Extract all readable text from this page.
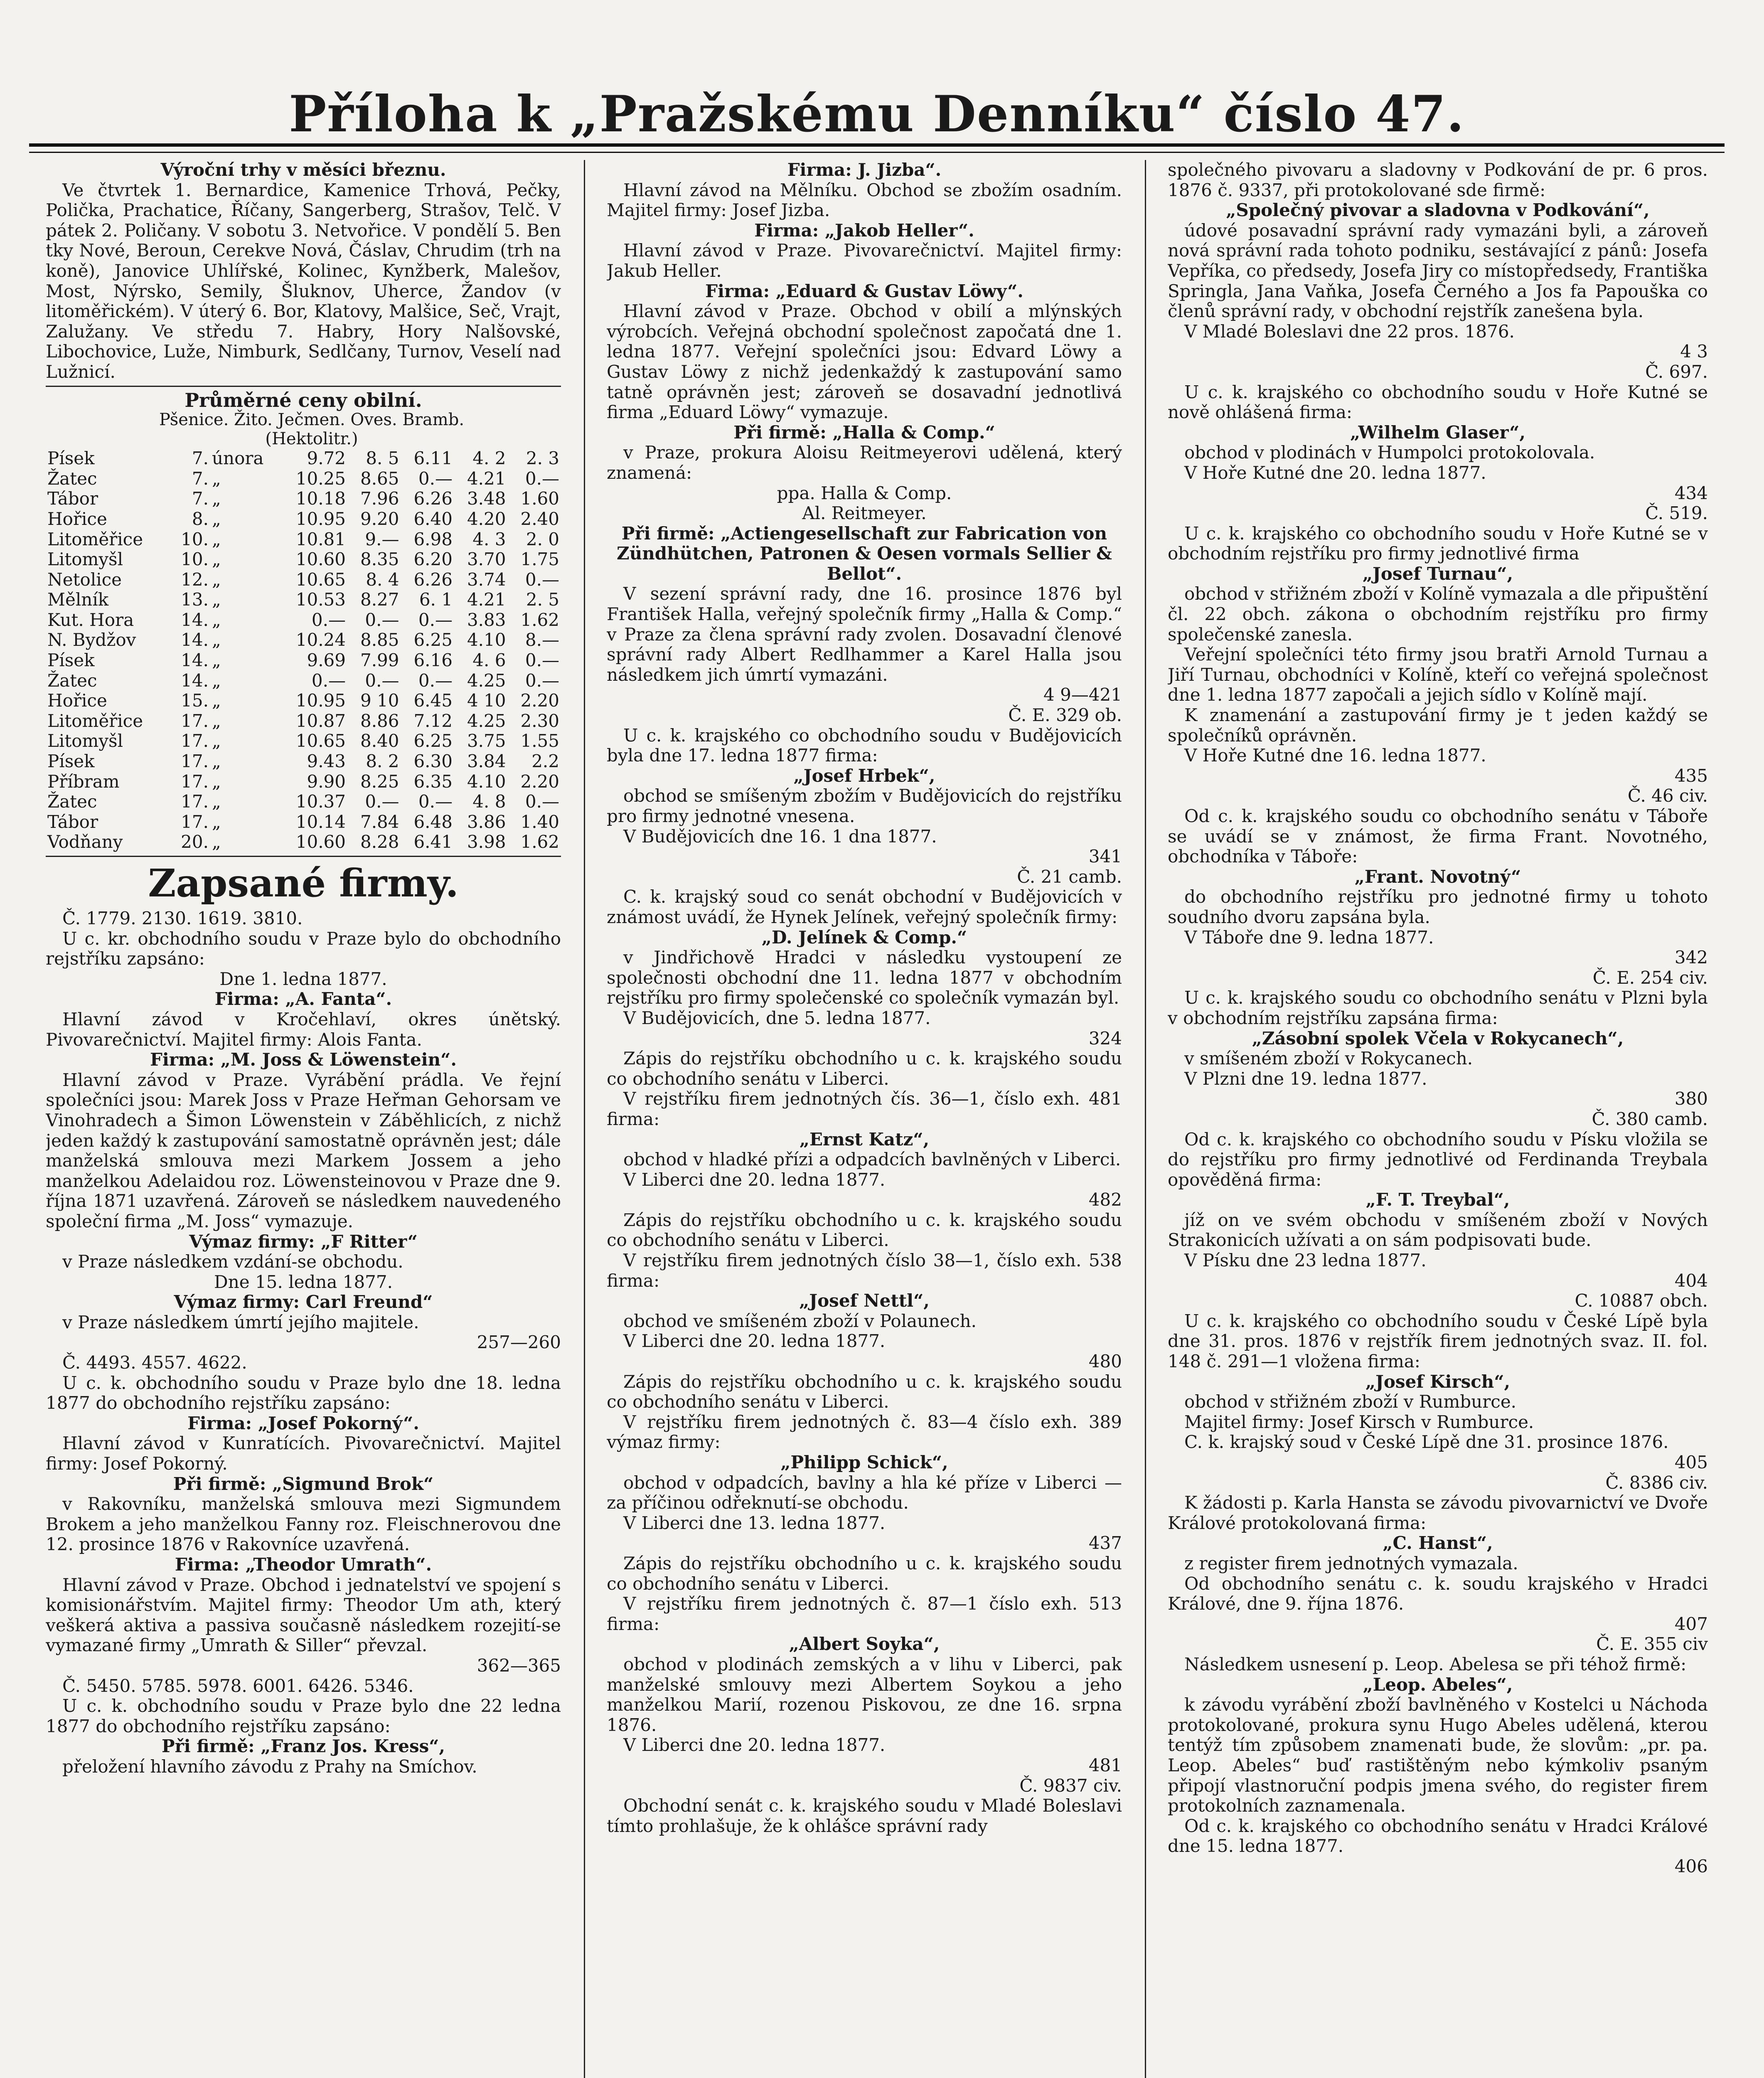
Příloha k „Pražskému Denníku“ číslo 47.

Výroční trhy v měsíci březnu.

Ve čtvrtek 1. Bernardice, Kamenice Trhová, Pečky, Polička, Prachatice, Říčany, Sangerberg, Strašov, Telč. V pátek 2. Poličany. V sobotu 3. Netvořice. V pondělí 5. Ben tky Nové, Beroun, Cerekve Nová, Čáslav, Chrudim (trh na koně), Janovice Uhlířské, Kolinec, Kynžberk, Malešov, Most, Nýrsko, Semily, Šluknov, Uherce, Žandov (v litoměřickém). V úterý 6. Bor, Klatovy, Malšice, Seč, Vrajt, Zalužany. Ve středu 7. Habry, Hory Nalšovské, Libochovice, Luže, Nimburk, Sedlčany, Turnov, Veselí nad Lužnicí.

Průměrné ceny obilní.

Pšenice. Žito. Ječmen. Oves. Bramb.

(Hektolitr.)

Písek	7.	února	9.72	8. 5	6.11	4. 2	2. 3
Žatec	7.	„	10.25	8.65	0.—	4.21	0.—
Tábor	7.	„	10.18	7.96	6.26	3.48	1.60
Hořice	8.	„	10.95	9.20	6.40	4.20	2.40
Litoměřice	10.	„	10.81	9.—	6.98	4. 3	2. 0
Litomyšl	10.	„	10.60	8.35	6.20	3.70	1.75
Netolice	12.	„	10.65	8. 4	6.26	3.74	0.—
Mělník	13.	„	10.53	8.27	6. 1	4.21	2. 5
Kut. Hora	14.	„	0.—	0.—	0.—	3.83	1.62
N. Bydžov	14.	„	10.24	8.85	6.25	4.10	8.—
Písek	14.	„	9.69	7.99	6.16	4. 6	0.—
Žatec	14.	„	0.—	0.—	0.—	4.25	0.—
Hořice	15.	„	10.95	9 10	6.45	4 10	2.20
Litoměřice	17.	„	10.87	8.86	7.12	4.25	2.30
Litomyšl	17.	„	10.65	8.40	6.25	3.75	1.55
Písek	17.	„	9.43	8. 2	6.30	3.84	2.2
Příbram	17.	„	9.90	8.25	6.35	4.10	2.20
Žatec	17.	„	10.37	0.—	0.—	4. 8	0.—
Tábor	17.	„	10.14	7.84	6.48	3.86	1.40
Vodňany	20.	„	10.60	8.28	6.41	3.98	1.62

Zapsané firmy.

Č. 1779. 2130. 1619. 3810.

U c. kr. obchodního soudu v Praze bylo do obchodního rejstříku zapsáno:

Dne 1. ledna 1877.

Firma: „A. Fanta“.

Hlavní závod v Kročehlaví, okres únětský. Pivovarečnictví. Majitel firmy: Alois Fanta.

Firma: „M. Joss & Löwenstein“.

Hlavní závod v Praze. Vyrábění prádla. Ve řejní společníci jsou: Marek Joss v Praze Heřman Gehorsam ve Vinohradech a Šimon Löwenstein v Záběhlicích, z nichž jeden každý k zastupování samostatně oprávněn jest; dále manželská smlouva mezi Markem Jossem a jeho manželkou Adelaidou roz. Löwensteinovou v Praze dne 9. října 1871 uzavřená. Zároveň se následkem nauvedeného společní firma „M. Joss“ vymazuje.

Výmaz firmy: „F Ritter“

v Praze následkem vzdání-se obchodu.

Dne 15. ledna 1877.

Výmaz firmy: Carl Freund“

v Praze následkem úmrtí jejího majitele.

257—260

Č. 4493. 4557. 4622.

U c. k. obchodního soudu v Praze bylo dne 18. ledna 1877 do obchodního rejstříku zapsáno:

Firma: „Josef Pokorný“.

Hlavní závod v Kunratících. Pivovarečnictví. Majitel firmy: Josef Pokorný.

Při firmě: „Sigmund Brok“

v Rakovníku, manželská smlouva mezi Sigmundem Brokem a jeho manželkou Fanny roz. Fleischnerovou dne 12. prosince 1876 v Rakovníce uzavřená.

Firma: „Theodor Umrath“.

Hlavní závod v Praze. Obchod i jednatelství ve spojení s komisionářstvím. Majitel firmy: Theodor Um ath, který veškerá aktiva a passiva současně následkem rozejití-se vymazané firmy „Umrath & Siller“ převzal.

362—365

Č. 5450. 5785. 5978. 6001. 6426. 5346.

U c. k. obchodního soudu v Praze bylo dne 22 ledna 1877 do obchodního rejstříku zapsáno:

Při firmě: „Franz Jos. Kress“,

přeložení hlavního závodu z Prahy na Smíchov.

Firma: J. Jizba“.

Hlavní závod na Mělníku. Obchod se zbožím osadním. Majitel firmy: Josef Jizba.

Firma: „Jakob Heller“.

Hlavní závod v Praze. Pivovarečnictví. Majitel firmy: Jakub Heller.

Firma: „Eduard & Gustav Löwy“.

Hlavní závod v Praze. Obchod v obilí a mlýnských výrobcích. Veřejná obchodní společnost započatá dne 1. ledna 1877. Veřejní společníci jsou: Edvard Löwy a Gustav Löwy z nichž jedenkaždý k zastupování samo tatně oprávněn jest; zároveň se dosavadní jednotlivá firma „Eduard Löwy“ vymazuje.

Při firmě: „Halla & Comp.“

v Praze, prokura Aloisu Reitmeyerovi udělená, který znamená:

ppa. Halla & Comp.

Al. Reitmeyer.

Při firmě: „Actiengesellschaft zur Fabrication von Zündhütchen, Patronen & Oesen vormals Sellier & Bellot“.

V sezení správní rady, dne 16. prosince 1876 byl František Halla, veřejný společník firmy „Halla & Comp.“ v Praze za člena správní rady zvolen. Dosavadní členové správní rady Albert Redlhammer a Karel Halla jsou následkem jich úmrtí vymazáni.

4 9—421

Č. E. 329 ob.

U c. k. krajského co obchodního soudu v Budějovicích byla dne 17. ledna 1877 firma:

„Josef Hrbek“,

obchod se smíšeným zbožím v Budějovicích do rejstříku pro firmy jednotné vnesena.

V Budějovicích dne 16. 1 dna 1877.

341

Č. 21 camb.

C. k. krajský soud co senát obchodní v Budějovicích v známost uvádí, že Hynek Jelínek, veřejný společník firmy:

„D. Jelínek & Comp.“

v Jindřichově Hradci v následku vystoupení ze společnosti obchodní dne 11. ledna 1877 v obchodním rejstříku pro firmy společenské co společník vymazán byl.

V Budějovicích, dne 5. ledna 1877.

324

Zápis do rejstříku obchodního u c. k. krajského soudu co obchodního senátu v Liberci.

V rejstříku firem jednotných čís. 36—1, číslo exh. 481 firma:

„Ernst Katz“,

obchod v hladké přízi a odpadcích bavlněných v Liberci.

V Liberci dne 20. ledna 1877.

482

Zápis do rejstříku obchodního u c. k. krajského soudu co obchodního senátu v Liberci.

V rejstříku firem jednotných číslo 38—1, číslo exh. 538 firma:

„Josef Nettl“,

obchod ve smíšeném zboží v Polaunech.

V Liberci dne 20. ledna 1877.

480

Zápis do rejstříku obchodního u c. k. krajského soudu co obchodního senátu v Liberci.

V rejstříku firem jednotných č. 83—4 číslo exh. 389 výmaz firmy:

„Philipp Schick“,

obchod v odpadcích, bavlny a hla ké příze v Liberci — za příčinou odřeknutí-se obchodu.

V Liberci dne 13. ledna 1877.

437

Zápis do rejstříku obchodního u c. k. krajského soudu co obchodního senátu v Liberci.

V rejstříku firem jednotných č. 87—1 číslo exh. 513 firma:

„Albert Soyka“,

obchod v plodinách zemských a v lihu v Liberci, pak manželské smlouvy mezi Albertem Soykou a jeho manželkou Marií, rozenou Piskovou, ze dne 16. srpna 1876.

V Liberci dne 20. ledna 1877.

481

Č. 9837 civ.

Obchodní senát c. k. krajského soudu v Mladé Boleslavi tímto prohlašuje, že k ohlášce správní rady

společného pivovaru a sladovny v Podkování de pr. 6 pros. 1876 č. 9337, při protokolované sde firmě:

„Společný pivovar a sladovna v Podkování“,

údové posavadní správní rady vymazáni byli, a zároveň nová správní rada tohoto podniku, sestávající z pánů: Josefa Vepříka, co předsedy, Josefa Jiry co místopředsedy, Františka Springla, Jana Vaňka, Josefa Černého a Jos fa Papouška co členů správní rady, v obchodní rejstřík zanešena byla.

V Mladé Boleslavi dne 22 pros. 1876.

4 3

Č. 697.

U c. k. krajského co obchodního soudu v Hoře Kutné se nově ohlášená firma:

„Wilhelm Glaser“,

obchod v plodinách v Humpolci protokolovala.

V Hoře Kutné dne 20. ledna 1877.

434

Č. 519.

U c. k. krajského co obchodního soudu v Hoře Kutné se v obchodním rejstříku pro firmy jednotlivé firma

„Josef Turnau“,

obchod v střižném zboží v Kolíně vymazala a dle připuštění čl. 22 obch. zákona o obchodním rejstříku pro firmy společenské zanesla.

Veřejní společníci této firmy jsou bratři Arnold Turnau a Jiří Turnau, obchodníci v Kolíně, kteří co veřejná společnost dne 1. ledna 1877 započali a jejich sídlo v Kolíně mají.

K znamenání a zastupování firmy je t jeden každý se společníků oprávněn.

V Hoře Kutné dne 16. ledna 1877.

435

Č. 46 civ.

Od c. k. krajského soudu co obchodního senátu v Táboře se uvádí se v známost, že firma Frant. Novotného, obchodníka v Táboře:

„Frant. Novotný“

do obchodního rejstříku pro jednotné firmy u tohoto soudního dvoru zapsána byla.

V Táboře dne 9. ledna 1877.

342

Č. E. 254 civ.

U c. k. krajského soudu co obchodního senátu v Plzni byla v obchodním rejstříku zapsána firma:

„Zásobní spolek Včela v Rokycanech“,

v smíšeném zboží v Rokycanech.

V Plzni dne 19. ledna 1877.

380

Č. 380 camb.

Od c. k. krajského co obchodního soudu v Písku vložila se do rejstříku pro firmy jednotlivé od Ferdinanda Treybala opověděná firma:

„F. T. Treybal“,

jíž on ve svém obchodu v smíšeném zboží v Nových Strakonicích užívati a on sám podpisovati bude.

V Písku dne 23 ledna 1877.

404

C. 10887 obch.

U c. k. krajského co obchodního soudu v České Lípě byla dne 31. pros. 1876 v rejstřík firem jednotných svaz. II. fol. 148 č. 291—1 vložena firma:

„Josef Kirsch“,

obchod v střižném zboží v Rumburce.

Majitel firmy: Josef Kirsch v Rumburce.

C. k. krajský soud v České Lípě dne 31. prosince 1876.

405

Č. 8386 civ.

K žádosti p. Karla Hansta se závodu pivovarnictví ve Dvoře Králové protokolovaná firma:

„C. Hanst“,

z register firem jednotných vymazala.

Od obchodního senátu c. k. soudu krajského v Hradci Králové, dne 9. října 1876.

407

Č. E. 355 civ

Následkem usnesení p. Leop. Abelesa se při téhož firmě:

„Leop. Abeles“,

k závodu vyrábění zboží bavlněného v Kostelci u Náchoda protokolované, prokura synu Hugo Abeles udělená, kterou tentýž tím způsobem znamenati bude, že slovům: „pr. pa. Leop. Abeles“ buď rastištěným nebo kýmkoliv psaným připojí vlastnoruční podpis jmena svého, do register firem protokolních zaznamenala.

Od c. k. krajského co obchodního senátu v Hradci Králové dne 15. ledna 1877.

406
